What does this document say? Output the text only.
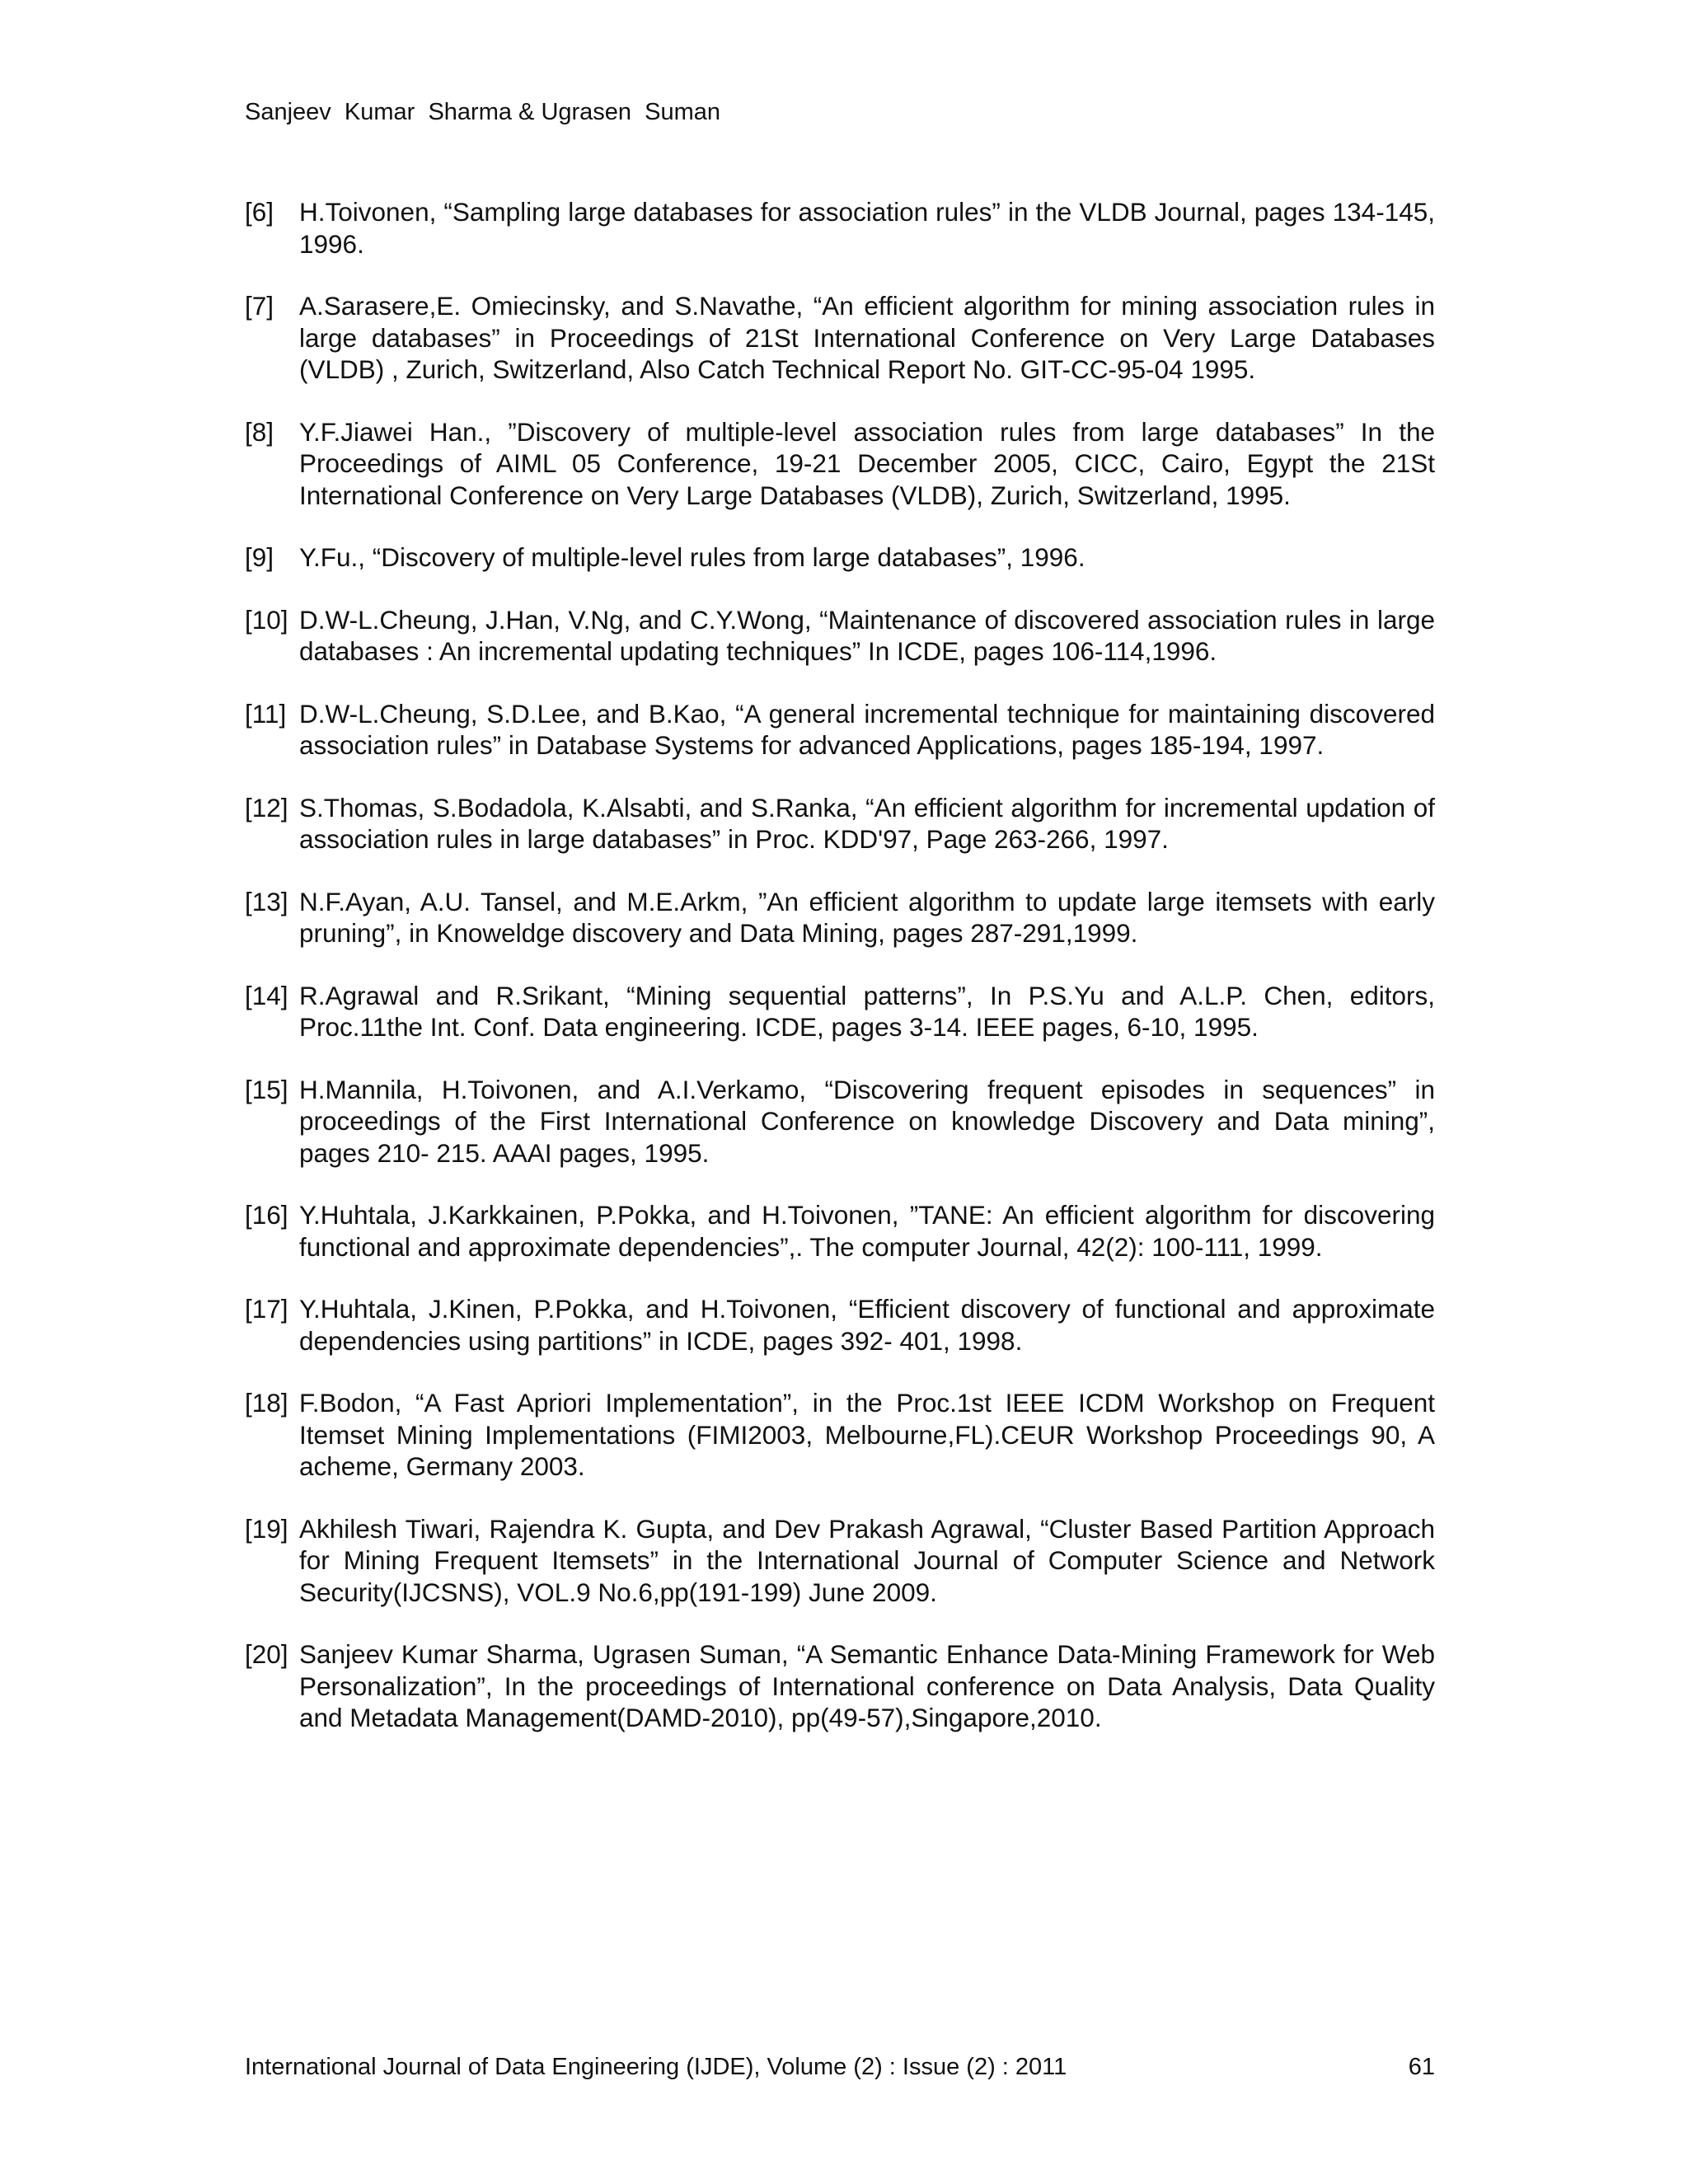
Sanjeev  Kumar  Sharma & Ugrasen  Suman
[6] H.Toivonen, “Sampling large databases for association rules” in the VLDB Journal, pages 134-145, 1996.
[7] A.Sarasere,E. Omiecinsky, and S.Navathe, “An efficient algorithm for mining association rules in large databases” in Proceedings of 21St International Conference on Very Large Databases (VLDB) , Zurich, Switzerland, Also Catch Technical Report No. GIT-CC-95-04 1995.
[8] Y.F.Jiawei Han., ”Discovery of multiple-level association rules from large databases” In the Proceedings of AIML 05 Conference, 19-21 December 2005, CICC, Cairo, Egypt the 21St International Conference on Very Large Databases (VLDB), Zurich, Switzerland, 1995.
[9] Y.Fu., “Discovery of multiple-level rules from large databases”, 1996.
[10] D.W-L.Cheung, J.Han, V.Ng, and C.Y.Wong, “Maintenance of discovered association rules in large databases : An incremental updating techniques” In ICDE, pages 106-114,1996.
[11] D.W-L.Cheung, S.D.Lee, and B.Kao, “A general incremental technique for maintaining discovered association rules” in Database Systems for advanced Applications, pages 185-194, 1997.
[12] S.Thomas, S.Bodadola, K.Alsabti, and S.Ranka, “An efficient algorithm for incremental updation of association rules in large databases” in Proc. KDD'97, Page 263-266, 1997.
[13] N.F.Ayan, A.U. Tansel, and M.E.Arkm, ”An efficient algorithm to update large itemsets with early pruning”, in Knoweldge discovery and Data Mining, pages 287-291,1999.
[14] R.Agrawal and R.Srikant, “Mining sequential patterns”, In P.S.Yu and A.L.P. Chen, editors, Proc.11the Int. Conf. Data engineering. ICDE, pages 3-14. IEEE pages, 6-10, 1995.
[15] H.Mannila, H.Toivonen, and A.I.Verkamo, “Discovering frequent episodes in sequences” in proceedings of the First International Conference on knowledge Discovery and Data mining”, pages 210- 215. AAAI pages, 1995.
[16] Y.Huhtala, J.Karkkainen, P.Pokka, and H.Toivonen, ”TANE: An efficient algorithm for discovering functional and approximate dependencies”,. The computer Journal, 42(2): 100-111, 1999.
[17] Y.Huhtala, J.Kinen, P.Pokka, and H.Toivonen, “Efficient discovery of functional and approximate dependencies using partitions” in ICDE, pages 392- 401, 1998.
[18] F.Bodon, “A Fast Apriori Implementation”, in the Proc.1st IEEE ICDM Workshop on Frequent Itemset Mining Implementations (FIMI2003, Melbourne,FL).CEUR Workshop Proceedings 90, A acheme, Germany 2003.
[19] Akhilesh Tiwari, Rajendra K. Gupta, and Dev Prakash Agrawal, “Cluster Based Partition Approach for Mining Frequent Itemsets” in the International Journal of Computer Science and Network Security(IJCSNS), VOL.9 No.6,pp(191-199) June 2009.
[20] Sanjeev Kumar Sharma, Ugrasen Suman, “A Semantic Enhance Data-Mining Framework for Web Personalization”, In the proceedings of International conference on Data Analysis, Data Quality and Metadata Management(DAMD-2010), pp(49-57),Singapore,2010.
International Journal of Data Engineering (IJDE), Volume (2) : Issue (2) : 2011	61
